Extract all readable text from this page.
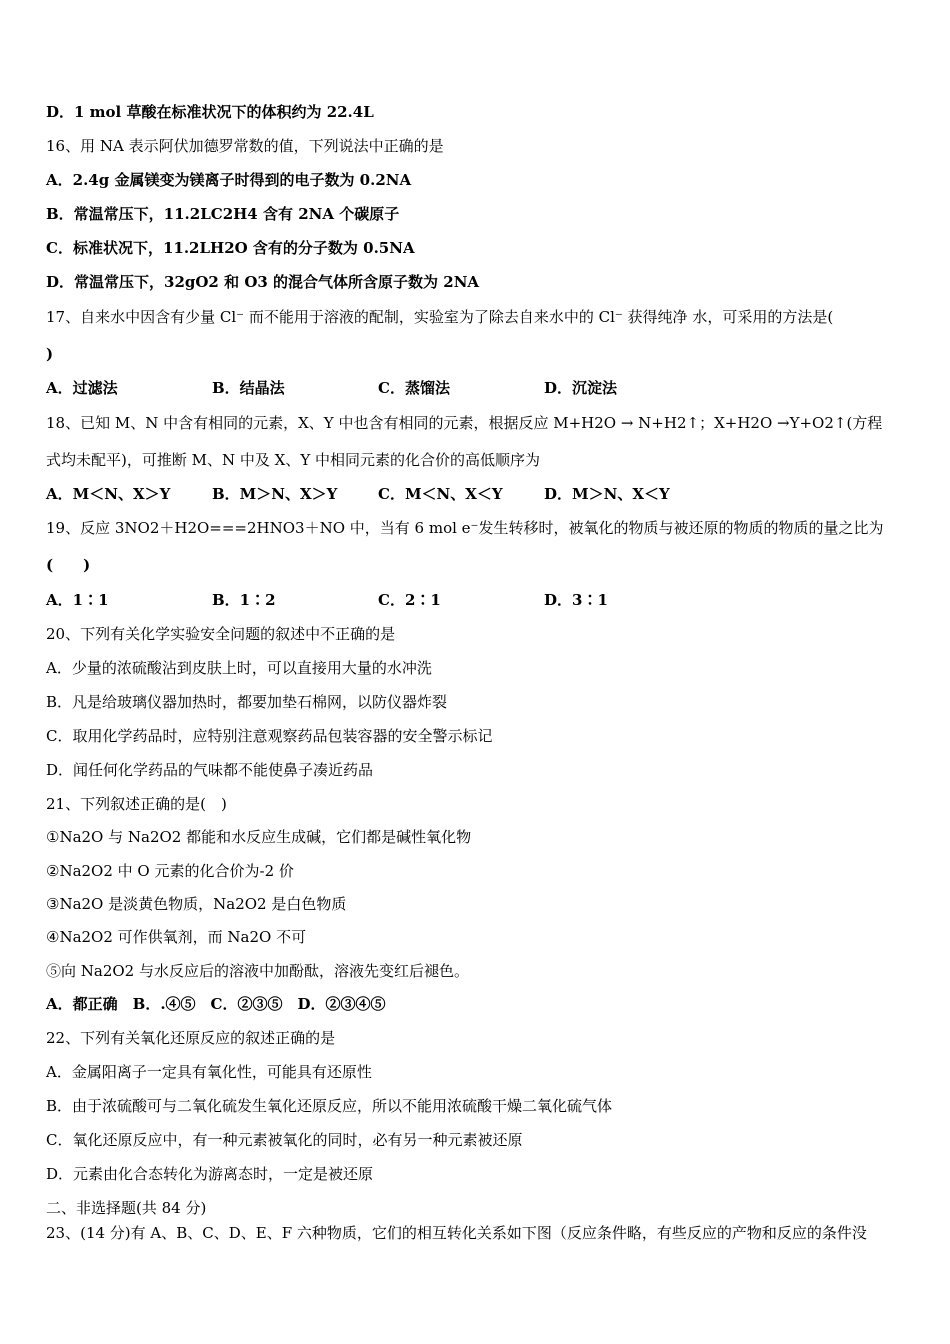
D．1 mol 草酸在标准状况下的体积约为 22.4L
16、用 NA 表示阿伏加德罗常数的值，下列说法中正确的是
A．2.4g 金属镁变为镁离子时得到的电子数为 0.2NA
B．常温常压下，11.2LC2H4 含有 2NA 个碳原子
C．标准状况下，11.2LH2O 含有的分子数为 0.5NA
D．常温常压下，32gO2 和 O3 的混合气体所含原子数为 2NA
17、自来水中因含有少量 Cl⁻ 而不能用于溶液的配制，实验室为了除去自来水中的 Cl⁻ 获得纯净 水，可采用的方法是(
)
A．过滤法	B．结晶法	C．蒸馏法	D．沉淀法
18、已知 M、N 中含有相同的元素，X、Y 中也含有相同的元素，根据反应 M+H2O → N+H2↑；X+H2O →Y+O2↑(方程
式均未配平)，可推断 M、N 中及 X、Y 中相同元素的化合价的高低顺序为
A．M＜N、X＞Y	B．M＞N、X＞Y	C．M＜N、X＜Y	D．M＞N、X＜Y
19、反应 3NO2＋H2O===2HNO3＋NO 中，当有 6 mol e⁻发生转移时，被氧化的物质与被还原的物质的物质的量之比为
(　　)
A．1∶1	B．1∶2	C．2∶1	D．3∶1
20、下列有关化学实验安全问题的叙述中不正确的是
A．少量的浓硫酸沾到皮肤上时，可以直接用大量的水冲洗
B．凡是给玻璃仪器加热时，都要加垫石棉网，以防仪器炸裂
C．取用化学药品时，应特别注意观察药品包装容器的安全警示标记
D．闻任何化学药品的气味都不能使鼻子凑近药品
21、下列叙述正确的是(　)
①Na2O 与 Na2O2 都能和水反应生成碱，它们都是碱性氧化物
②Na2O2 中 O 元素的化合价为-2 价
③Na2O 是淡黄色物质，Na2O2 是白色物质
④Na2O2 可作供氧剂，而 Na2O 不可
⑤向 Na2O2 与水反应后的溶液中加酚酞，溶液先变红后褪色。
A．都正确　B．.④⑤　C．②③⑤　D．②③④⑤
22、下列有关氧化还原反应的叙述正确的是
A．金属阳离子一定具有氧化性，可能具有还原性
B．由于浓硫酸可与二氧化硫发生氧化还原反应，所以不能用浓硫酸干燥二氧化硫气体
C．氧化还原反应中，有一种元素被氧化的同时，必有另一种元素被还原
D．元素由化合态转化为游离态时，一定是被还原
二、非选择题(共 84 分)
23、(14 分)有 A、B、C、D、E、F 六种物质，它们的相互转化关系如下图（反应条件略，有些反应的产物和反应的条件没
